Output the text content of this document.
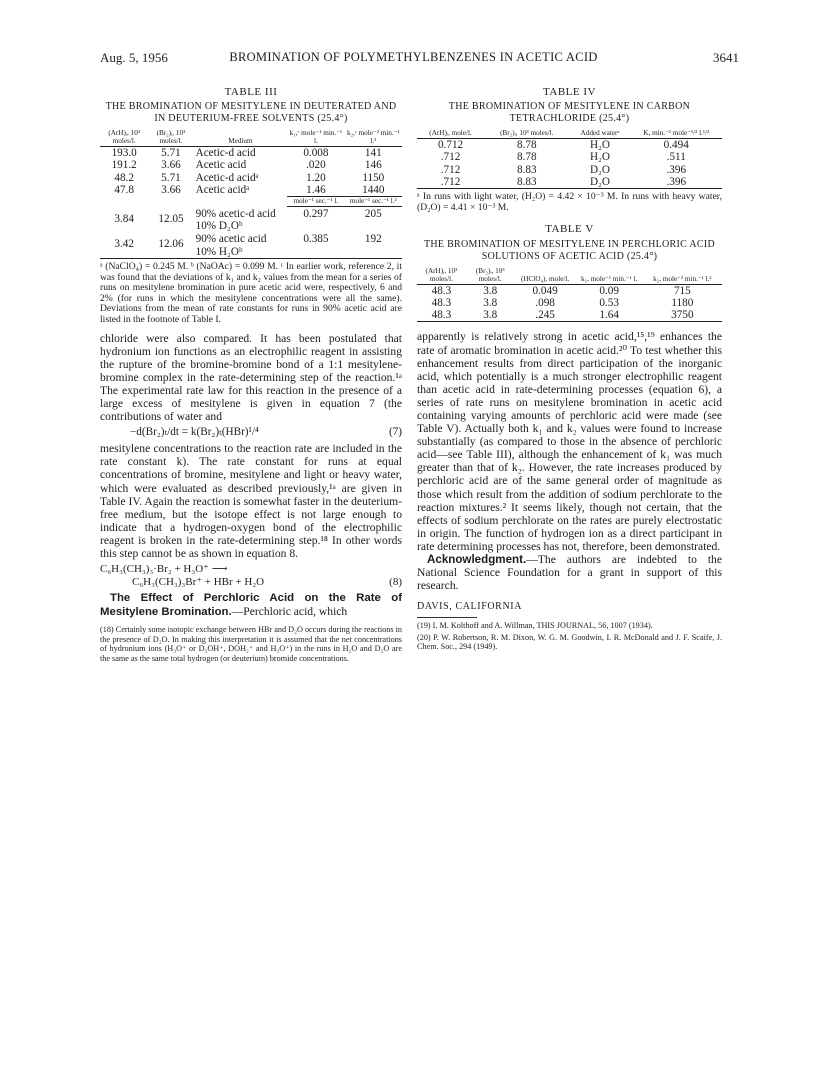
Aug. 5, 1956	BROMINATION OF POLYMETHYLBENZENES IN ACETIC ACID	3641
TABLE III
THE BROMINATION OF MESITYLENE IN DEUTERATED AND IN DEUTERIUM-FREE SOLVENTS (25.4°)
(ArH)ᵢ, 10³ moles/l.	(Br₂)ᵢ, 10³ moles/l.	Medium	k₁,ᶜ mole⁻¹ min.⁻¹ l.	k₂,ᶜ mole⁻² min.⁻¹ l.²
193.0	5.71	Acetic-d acid	0.008	141
191.2	3.66	Acetic acid	.020	146
48.2	5.71	Acetic-d acidᵃ	1.20	1150
47.8	3.66	Acetic acidᵃ	1.46	1440
			mole⁻¹ sec.⁻¹ l.	mole⁻¹ sec.⁻¹ l.²
3.84	12.05	90% acetic-d acid 10% D₂Oᵇ	0.297	205
3.42	12.06	90% acetic acid 10% H₂Oᵇ	0.385	192
ᵃ (NaClO₄) = 0.245 M. ᵇ (NaOAc) = 0.099 M. ᶜ In earlier work, reference 2, it was found that the deviations of k₁ and k₂ values from the mean for a series of runs on mesitylene bromination in pure acetic acid were, respectively, 6 and 2% (for runs in which the mesitylene concentrations were all the same). Deviations from the mean of rate constants for runs in 90% acetic acid are listed in the footnote of Table I.

chloride were also compared. It has been postulated that hydronium ion functions as an electrophilic reagent in assisting the rupture of the bromine-bromine bond of a 1:1 mesitylene-bromine complex in the rate-determining step of the reaction.¹ᵃ The experimental rate law for this reaction in the presence of a large excess of mesitylene is given in equation 7 (the contributions of water and

−d(Br₂)ₜ/dt = k(Br₂)ₜ(HBr)¹/⁴	(7)

mesitylene concentrations to the reaction rate are included in the rate constant k). The rate constant for runs at equal concentrations of bromine, mesitylene and light or heavy water, which were evaluated as described previously,¹ᵃ are given in Table IV. Again the reaction is somewhat faster in the deuterium-free medium, but the isotope effect is not large enough to indicate that a hydrogen-oxygen bond of the electrophilic reagent is broken in the rate-determining step.¹⁸ In other words this step cannot be as shown in equation 8.

C₆H₃(CH₃)₃·Br₂ + H₃O⁺ ⟶
C₆H₃(CH₃)₃Br⁺ + HBr + H₂O	(8)

The Effect of Perchloric Acid on the Rate of Mesitylene Bromination.—Perchloric acid, which

(18) Certainly some isotopic exchange between HBr and D₂O occurs during the reactions in the presence of D₂O. In making this interpretation it is assumed that the net concentrations of hydronium ions (H₃O⁺ or D₃OH⁺, DOH₂⁺ and H₃O⁺) in the runs in H₂O and D₂O are the same as the same total hydrogen (or deuterium) bromide concentrations.
TABLE IV
THE BROMINATION OF MESITYLENE IN CARBON TETRACHLORIDE (25.4°)
(ArH)ᵢ, mole/l.	(Br₂)ᵢ, 10³ moles/l.	Added waterᵃ	K, min.⁻¹ mole⁻¹/² l.¹/²
0.712	8.78	H₂O	0.494
.712	8.78	H₂O	.511
.712	8.83	D₂O	.396
.712	8.83	D₂O	.396
ᵃ In runs with light water, (H₂O) = 4.42 × 10⁻³ M. In runs with heavy water, (D₂O) = 4.41 × 10⁻³ M.
TABLE V
THE BROMINATION OF MESITYLENE IN PERCHLORIC ACID SOLUTIONS OF ACETIC ACID (25.4°)
(ArH)ᵢ, 10³ moles/l.	(Br₂)ᵢ, 10³ moles/l.	(HClO₄), mole/l.	k₁, mole⁻¹ min.⁻¹ l.	k₂, mole⁻² min.⁻¹ l.²
48.3	3.8	0.049	0.09	715
48.3	3.8	.098	0.53	1180
48.3	3.8	.245	1.64	3750

apparently is relatively strong in acetic acid,¹⁵,¹⁹ enhances the rate of aromatic bromination in acetic acid.²⁰ To test whether this enhancement results from direct participation of the inorganic acid, which potentially is a much stronger electrophilic reagent than acetic acid in rate-determining processes (equation 6), a series of rate runs on mesitylene bromination in acetic acid containing varying amounts of perchloric acid were made (see Table V). Actually both k₁ and k₂ values were found to increase substantially (as compared to those in the absence of perchloric acid—see Table III), although the enhancement of k₁ was much greater than that of k₂. However, the rate increases produced by perchloric acid are of the same general order of magnitude as those which result from the addition of sodium perchlorate to the reaction mixtures.² It seems likely, though not certain, that the effects of sodium perchlorate on the rates are purely electrostatic in origin. The function of hydrogen ion as a direct participant in rate determining processes has not, therefore, been demonstrated.

Acknowledgment.—The authors are indebted to the National Science Foundation for a grant in support of this research.

DAVIS, CALIFORNIA
(19) I. M. Kolthoff and A. Willman, THIS JOURNAL, 56, 1007 (1934).
(20) P. W. Robertson, R. M. Dixon, W. G. M. Goodwin, I. R. McDonald and J. F. Scaife, J. Chem. Soc., 294 (1949).
